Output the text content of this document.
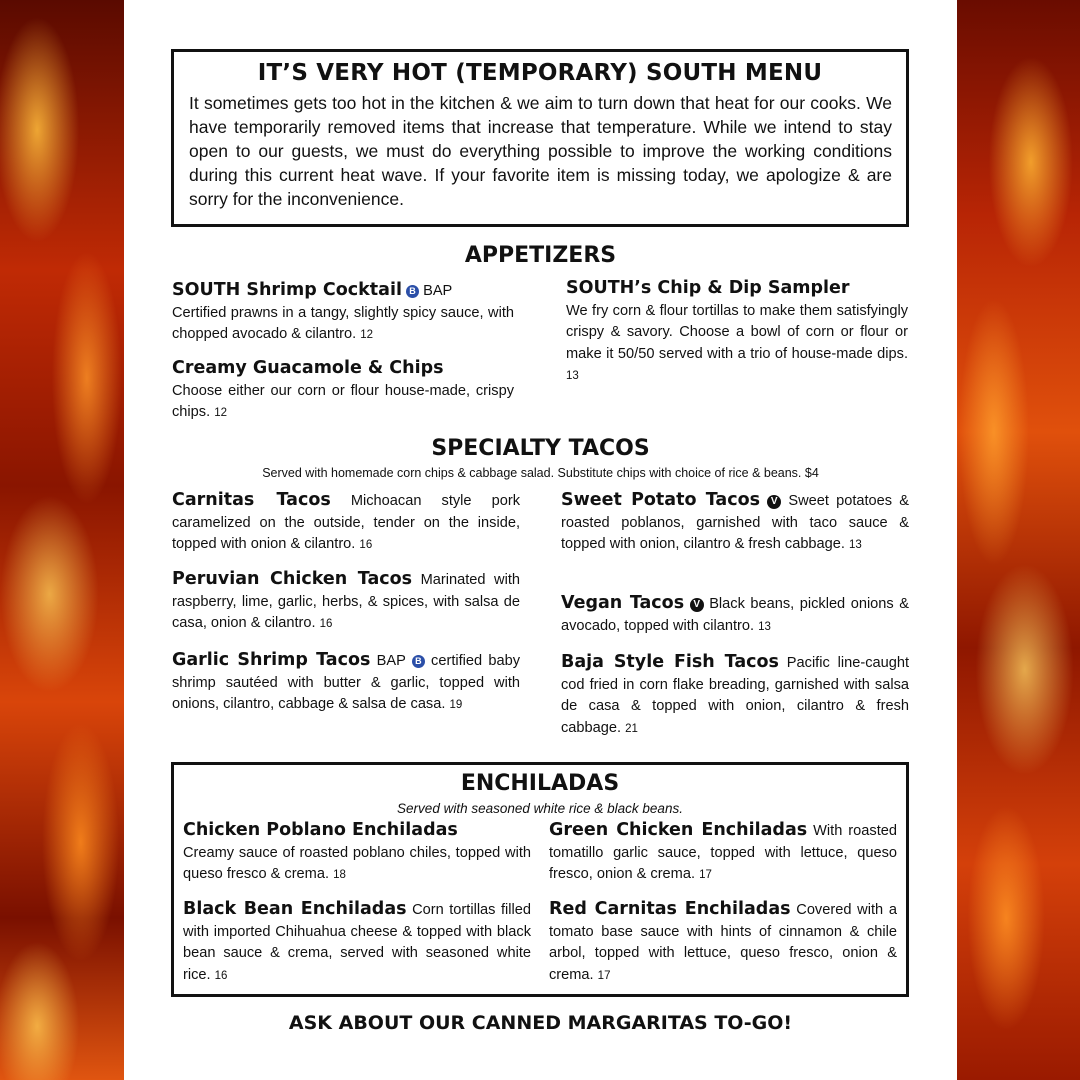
IT’S VERY HOT (TEMPORARY) SOUTH MENU
It sometimes gets too hot in the kitchen & we aim to turn down that heat for our cooks. We have temporarily removed items that increase that temperature. While we intend to stay open to our guests, we must do everything possible to improve the working conditions during this current heat wave. If your favorite item is missing today, we apologize & are sorry for the inconvenience.
APPETIZERS
SOUTH Shrimp Cocktail B BAP
Certified prawns in a tangy, slightly spicy sauce, with chopped avocado & cilantro. 12
Creamy Guacamole & Chips
Choose either our corn or flour house-made, crispy chips. 12
SOUTH’s Chip & Dip Sampler
We fry corn & flour tortillas to make them satisfyingly crispy & savory. Choose a bowl of corn or flour or make it 50/50 served with a trio of house-made dips. 13
SPECIALTY TACOS
Served with homemade corn chips & cabbage salad. Substitute chips with choice of rice & beans. $4
Carnitas Tacos Michoacan style pork caramelized on the outside, tender on the inside, topped with onion & cilantro. 16
Peruvian Chicken Tacos Marinated with raspberry, lime, garlic, herbs, & spices, with salsa de casa, onion & cilantro. 16
Garlic Shrimp Tacos BAP B certified baby shrimp sautéed with butter & garlic, topped with onions, cilantro, cabbage & salsa de casa. 19
Sweet Potato Tacos V Sweet potatoes & roasted poblanos, garnished with taco sauce & topped with onion, cilantro & fresh cabbage. 13
Vegan Tacos V Black beans, pickled onions & avocado, topped with cilantro. 13
Baja Style Fish Tacos Pacific line-caught cod fried in corn flake breading, garnished with salsa de casa & topped with onion, cilantro & fresh cabbage. 21
ENCHILADAS
Served with seasoned white rice & black beans.
Chicken Poblano Enchiladas
Creamy sauce of roasted poblano chiles, topped with queso fresco & crema. 18
Black Bean Enchiladas Corn tortillas filled with imported Chihuahua cheese & topped with black bean sauce & crema, served with seasoned white rice. 16
Green Chicken Enchiladas With roasted tomatillo garlic sauce, topped with lettuce, queso fresco, onion & crema. 17
Red Carnitas Enchiladas Covered with a tomato base sauce with hints of cinnamon & chile arbol, topped with lettuce, queso fresco, onion & crema. 17
ASK ABOUT OUR CANNED MARGARITAS TO-GO!
